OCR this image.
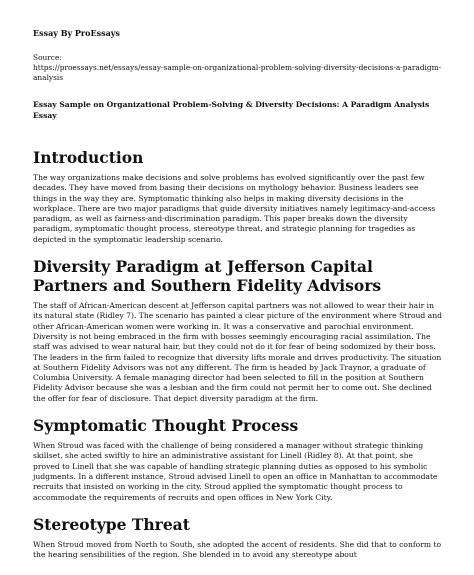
Essay By ProEssays
Source:
https://proessays.net/essays/essay-sample-on-organizational-problem-solving-diversity-decisions-a-paradigm-analysis
Essay Sample on Organizational Problem-Solving & Diversity Decisions: A Paradigm Analysis Essay
Introduction

The way organizations make decisions and solve problems has evolved significantly over the past few decades. They have moved from basing their decisions on mythology behavior. Business leaders see things in the way they are. Symptomatic thinking also helps in making diversity decisions in the workplace. There are two major paradigms that guide diversity initiatives namely legitimacy-and-access paradigm, as well as fairness-and-discrimination paradigm. This paper breaks down the diversity paradigm, symptomatic thought process, stereotype threat, and strategic planning for tragedies as depicted in the symptomatic leadership scenario.

Diversity Paradigm at Jefferson Capital Partners and Southern Fidelity Advisors

The staff of African-American descent at Jefferson capital partners was not allowed to wear their hair in its natural state (Ridley 7). The scenario has painted a clear picture of the environment where Stroud and other African-American women were working in. It was a conservative and parochial environment. Diversity is not being embraced in the firm with bosses seemingly encouraging racial assimilation. The staff was advised to wear natural hair, but they could not do it for fear of being sodomized by their boss. The leaders in the firm failed to recognize that diversity lifts morale and drives productivity. The situation at Southern Fidelity Advisors was not any different. The firm is headed by Jack Traynor, a graduate of Columbia University. A female managing director had been selected to fill in the position at Southern Fidelity Advisor because she was a lesbian and the firm could not permit her to come out. She declined the offer for fear of disclosure. That depict diversity paradigm at the firm.

Symptomatic Thought Process

When Stroud was faced with the challenge of being considered a manager without strategic thinking skillset, she acted swiftly to hire an administrative assistant for Linell (Ridley 8). At that point, she proved to Linell that she was capable of handling strategic planning duties as opposed to his symbolic judgments. In a different instance, Stroud advised Linell to open an office in Manhattan to accommodate recruits that insisted on working in the city. Stroud applied the symptomatic thought process to accommodate the requirements of recruits and open offices in New York City.

Stereotype Threat

When Stroud moved from North to South, she adopted the accent of residents. She did that to conform to the hearing sensibilities of the region. She blended in to avoid any stereotype about
